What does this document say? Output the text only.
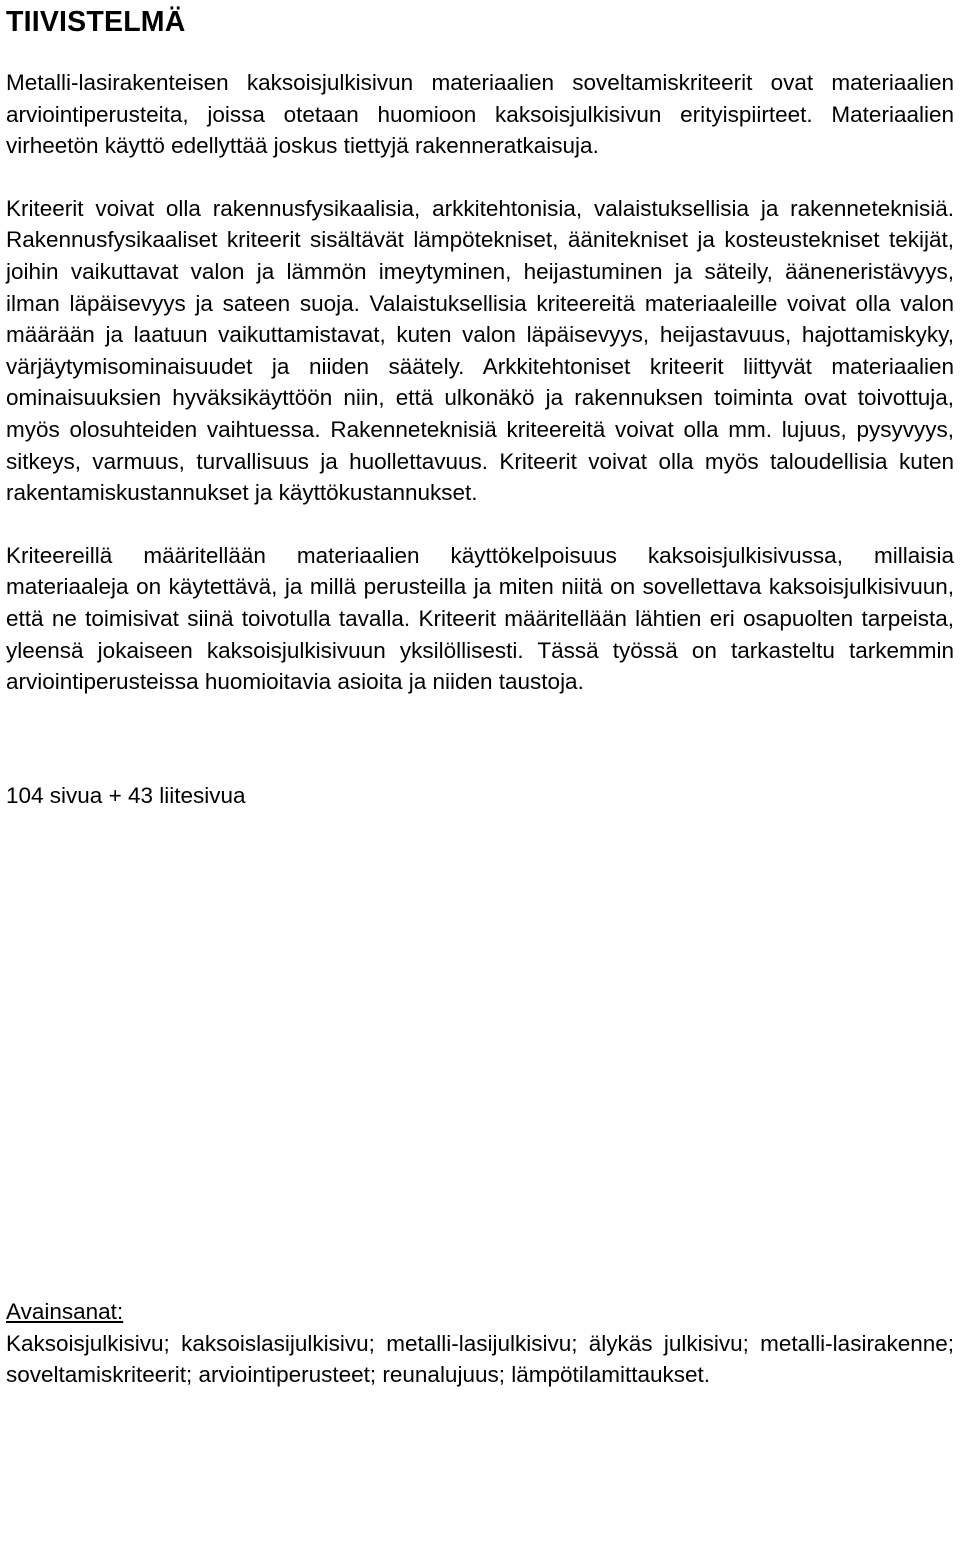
TIIVISTELMÄ

Metalli-lasirakenteisen kaksoisjulkisivun materiaalien soveltamiskriteerit ovat materiaalien arviointiperusteita, joissa otetaan huomioon kaksoisjulkisivun erityispiirteet. Materiaalien virheetön käyttö edellyttää joskus tiettyjä rakenneratkaisuja.

Kriteerit voivat olla rakennusfysikaalisia, arkkitehtonisia, valaistuksellisia ja rakenneteknisiä. Rakennusfysikaaliset kriteerit sisältävät lämpötekniset, äänitekniset ja kosteustekniset tekijät, joihin vaikuttavat valon ja lämmön imeytyminen, heijastuminen ja säteily, ääneneristävyys, ilman läpäisevyys ja sateen suoja. Valaistuksellisia kriteereitä materiaaleille voivat olla valon määrään ja laatuun vaikuttamistavat, kuten valon läpäisevyys, heijastavuus, hajottamiskyky, värjäytymisominaisuudet ja niiden säätely. Arkkitehtoniset kriteerit liittyvät materiaalien ominaisuuksien hyväksikäyttöön niin, että ulkonäkö ja rakennuksen toiminta ovat toivottuja, myös olosuhteiden vaihtuessa. Rakenneteknisiä kriteereitä voivat olla mm. lujuus, pysyvyys, sitkeys, varmuus, turvallisuus ja huollettavuus. Kriteerit voivat olla myös taloudellisia kuten rakentamiskustannukset ja käyttökustannukset.

Kriteereillä määritellään materiaalien käyttökelpoisuus kaksoisjulkisivussa, millaisia materiaaleja on käytettävä, ja millä perusteilla ja miten niitä on sovellettava kaksoisjulkisivuun, että ne toimisivat siinä toivotulla tavalla. Kriteerit määritellään lähtien eri osapuolten tarpeista, yleensä jokaiseen kaksoisjulkisivuun yksilöllisesti. Tässä työssä on tarkasteltu tarkemmin arviointiperusteissa huomioitavia asioita ja niiden taustoja.

104 sivua + 43 liitesivua

Avainsanat:

Kaksoisjulkisivu; kaksoislasijulkisivu; metalli-lasijulkisivu; älykäs julkisivu; metalli-lasirakenne; soveltamiskriteerit; arviointiperusteet; reunalujuus; lämpötilamittaukset.
